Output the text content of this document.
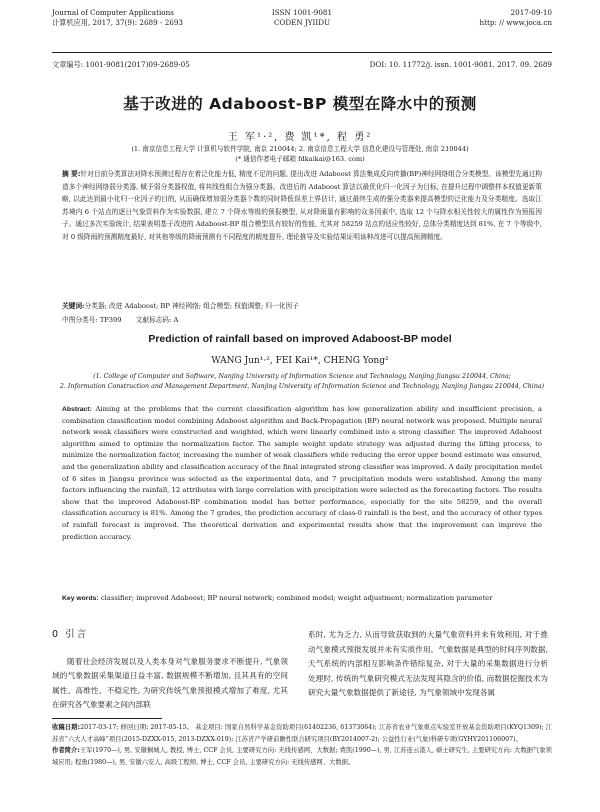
Journal of Computer Applications
计算机应用, 2017, 37(9): 2689 - 2693
ISSN 1001-9081
CODEN JYIIDU
2017-09-10
http: // www.joca.cn
文章编号: 1001-9081(2017)09-2689-05	DOI: 10. 11772/j. issn. 1001-9081. 2017. 09. 2689
基于改进的 Adaboost-BP 模型在降水中的预测
王 军¹·², 费 凯¹*, 程 勇²
(1. 南京信息工程大学 计算机与软件学院, 南京 210044; 2. 南京信息工程大学 信息化建设与管理处, 南京 210044)
(* 通信作者电子邮箱 fdkaikai@163. com)
摘 要:针对目前分类算法对降水预测过程存在着泛化能力低, 精度不足的问题, 提出改进 Adaboost 算法集成反向传播(BP)神经网络组合分类模型。该模型先通过构造多个神经网络弱分类器, 赋予弱分类器权值, 将其线性组合为强分类器。改进后的 Adaboost 算法以最优化归一化因子为目标, 在提升过程中调整样本权值更新策略, 以此达到最小化归一化因子的目的, 从而确保增加弱分类器个数的同时降低误差上界估计, 通过最终生成的强分类器来提高模型的泛化能力及分类精度。选取江苏境内 6 个站点的逐日气象资料作为实验数据, 建立 7 个降水等级的预报模型, 从对降雨量有影响的众多因素中, 选取 12 个与降水相关性较大的属性作为预报因子。通过多次实验统计, 结果表明基于改进的 Adaboost-BP 组合模型具有较好的性能, 尤其对 58259 站点的适应性较好, 总体分类精度达到 81%, 在 7 个等级中, 对 0 级降雨的预测精度最好, 对其他等级的降雨预测有不同程度的精度提升, 理论推导及实验结果证明该种改进可以提高预测精度。
关键词:分类器; 改进 Adaboost; BP 神经网络; 组合模型; 权值调整; 归一化因子
中图分类号: TP399 文献标志码: A
Prediction of rainfall based on improved Adaboost-BP model
WANG Jun¹·², FEI Kai¹*, CHENG Yong²
(1. College of Computer and Software, Nanjing University of Information Science and Technology, Nanjing Jiangsu 210044, China;
2. Information Construction and Management Department, Nanjing University of Information Science and Technology, Nanjing Jiangsu 210044, China)
Abstract: Aiming at the problems that the current classification algorithm has low generalization ability and insufficient precision, a combination classification model combining Adaboost algorithm and Back-Propagation (BP) neural network was proposed. Multiple neural network weak classifiers were constructed and weighted, which were linearly combined into a strong classifier. The improved Adaboost algorithm aimed to optimize the normalization factor. The sample weight update strategy was adjusted during the lifting process, to minimize the normalization factor, increasing the number of weak classifiers while reducing the error upper bound estimate was ensured, and the generalization ability and classification accuracy of the final integrated strong classifier was improved. A daily precipitation model of 6 sites in Jiangsu province was selected as the experimental data, and 7 precipitation models were established. Among the many factors influencing the rainfall, 12 attributes with large correlation with precipitation were selected as the forecasting factors. The results show that the improved Adaboost-BP combination model has better performance, especially for the site 58259, and the overall classification accuracy is 81%. Among the 7 grades, the prediction accuracy of class-0 rainfall is the best, and the accuracy of other types of rainfall forecast is improved. The theoretical derivation and experimental results show that the improvement can improve the prediction accuracy.
Key words: classifier; improved Adaboost; BP neural network; combined model; weight adjustment; normalization parameter
0 引言
随着社会经济发展以及人类本身对气象服务要求不断提升, 气象领域的气象数据采集渠道日益丰富, 数据规模不断增加, 且其具有的空间属性、高维性、不稳定性, 为研究传统气象预报模式增加了难度, 尤其在研究各气象要素之间内部联
系时, 尤为乏力, 从而导致获取到的大量气象资料并未有效利用, 对于推动气象模式预报发展并未有实质作用。气象数据是典型的时间序列数据, 天气系统的内部相互影响条件错综复杂, 对于大量的采集数据进行分析处理时, 传统的气象研究模式无法发现其隐含的价值, 而数据挖掘技术为研究大量气象数据提供了新途径, 为气象领域中发现各属
收稿日期:2017-03-17; 修回日期: 2017-05-15。 基金项目: 国家自然科学基金资助项目(61402236, 61373064); 江苏省农业气象重点实验室开放基金资助项目(KYQ1309); 江苏省“六大人才高峰”项目(2015-DZXX-015, 2013-DZXX-019); 江苏省产学研前瞻性联合研究项目(BY2014007-2); 公益性行业(气象)科研专项(GYHY201106007)。
作者简介:王军(1970—), 男, 安徽桐城人, 教授, 博士, CCF 会员, 主要研究方向: 无线传感网、大数据; 费凯(1990—), 男, 江苏连云港人, 硕士研究生, 主要研究方向: 大数据气象领域应用; 程勇(1980—), 男, 安徽六安人, 高级工程师, 博士, CCF 会员, 主要研究方向: 无线传感网、大数据。
